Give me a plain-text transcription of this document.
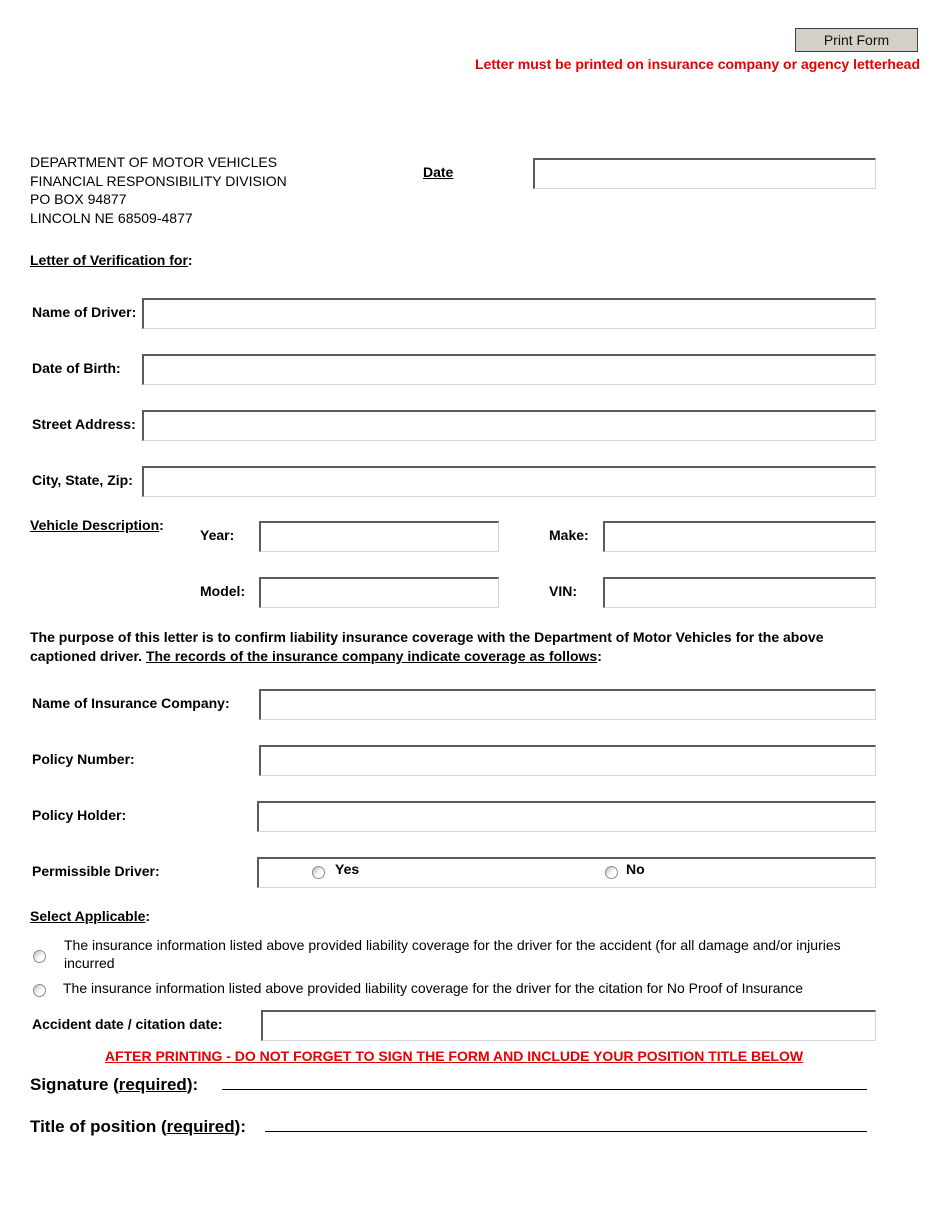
Print Form
Letter must be printed on insurance company or agency letterhead
DEPARTMENT OF MOTOR VEHICLES
FINANCIAL RESPONSIBILITY DIVISION
PO BOX 94877
LINCOLN NE 68509-4877
Date
Letter of Verification for:
Name of Driver:
Date of Birth:
Street Address:
City, State, Zip:
Vehicle Description:
Year:	Make:
Model:	VIN:
The purpose of this letter is to confirm liability insurance coverage with the Department of Motor Vehicles for the above captioned driver. The records of the insurance company indicate coverage as follows:
Name of Insurance Company:
Policy Number:
Policy Holder:
Permissible Driver:	Yes	No
Select Applicable:
The insurance information listed above provided liability coverage for the driver for the accident (for all damage and/or injuries incurred
The insurance information listed above provided liability coverage for the driver for the citation for No Proof of Insurance
Accident date / citation date:
AFTER PRINTING - DO NOT FORGET TO SIGN THE FORM AND INCLUDE YOUR POSITION TITLE BELOW
Signature (required):
Title of position (required):
